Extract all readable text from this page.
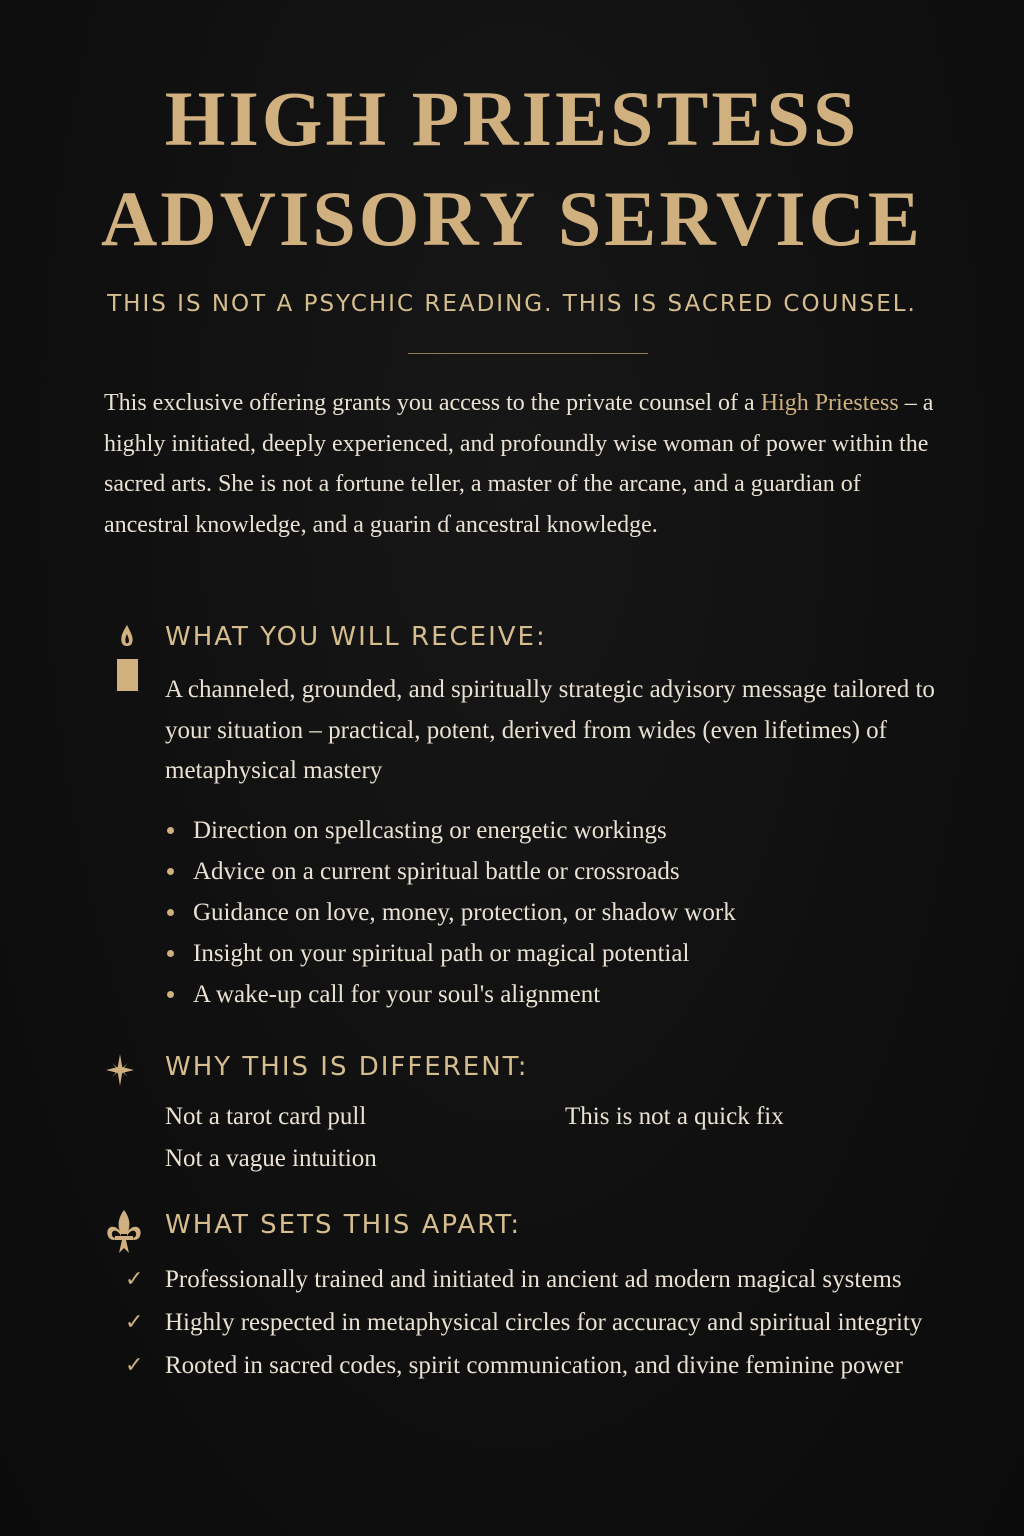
HIGH PRIESTESS
ADVISORY SERVICE
THIS IS NOT A PSYCHIC READING. THIS IS SACRED COUNSEL.
This exclusive offering grants you access to the private counsel of a High Priestess – a highly initiated, deeply experienced, and profoundly wise woman of power within the sacred arts. She is not a fortune teller, a master of the arcane, and a guardian of ancestral knowledge, and a guarin ɗ ancestral knowledge.
WHAT YOU WILL RECEIVE:
A channeled, grounded, and spiritually strategic adyisory message tailored to your situation – practical, potent, derived from wides (even lifetimes) of metaphysical mastery
Direction on spellcasting or energetic workings
Advice on a current spiritual battle or crossroads
Guidance on love, money, protection, or shadow work
Insight on your spiritual path or magical potential
A wake-up call for your soul's alignment
WHY THIS IS DIFFERENT:
Not a tarot card pull
Not a vague intuition
This is not a quick fix
WHAT SETS THIS APART:
✓ Professionally trained and initiated in ancient ad modern magical systems
✓ Highly respected in metaphysical circles for accuracy and spiritual integrity
✓ Rooted in sacred codes, spirit communication, and divine feminine power
